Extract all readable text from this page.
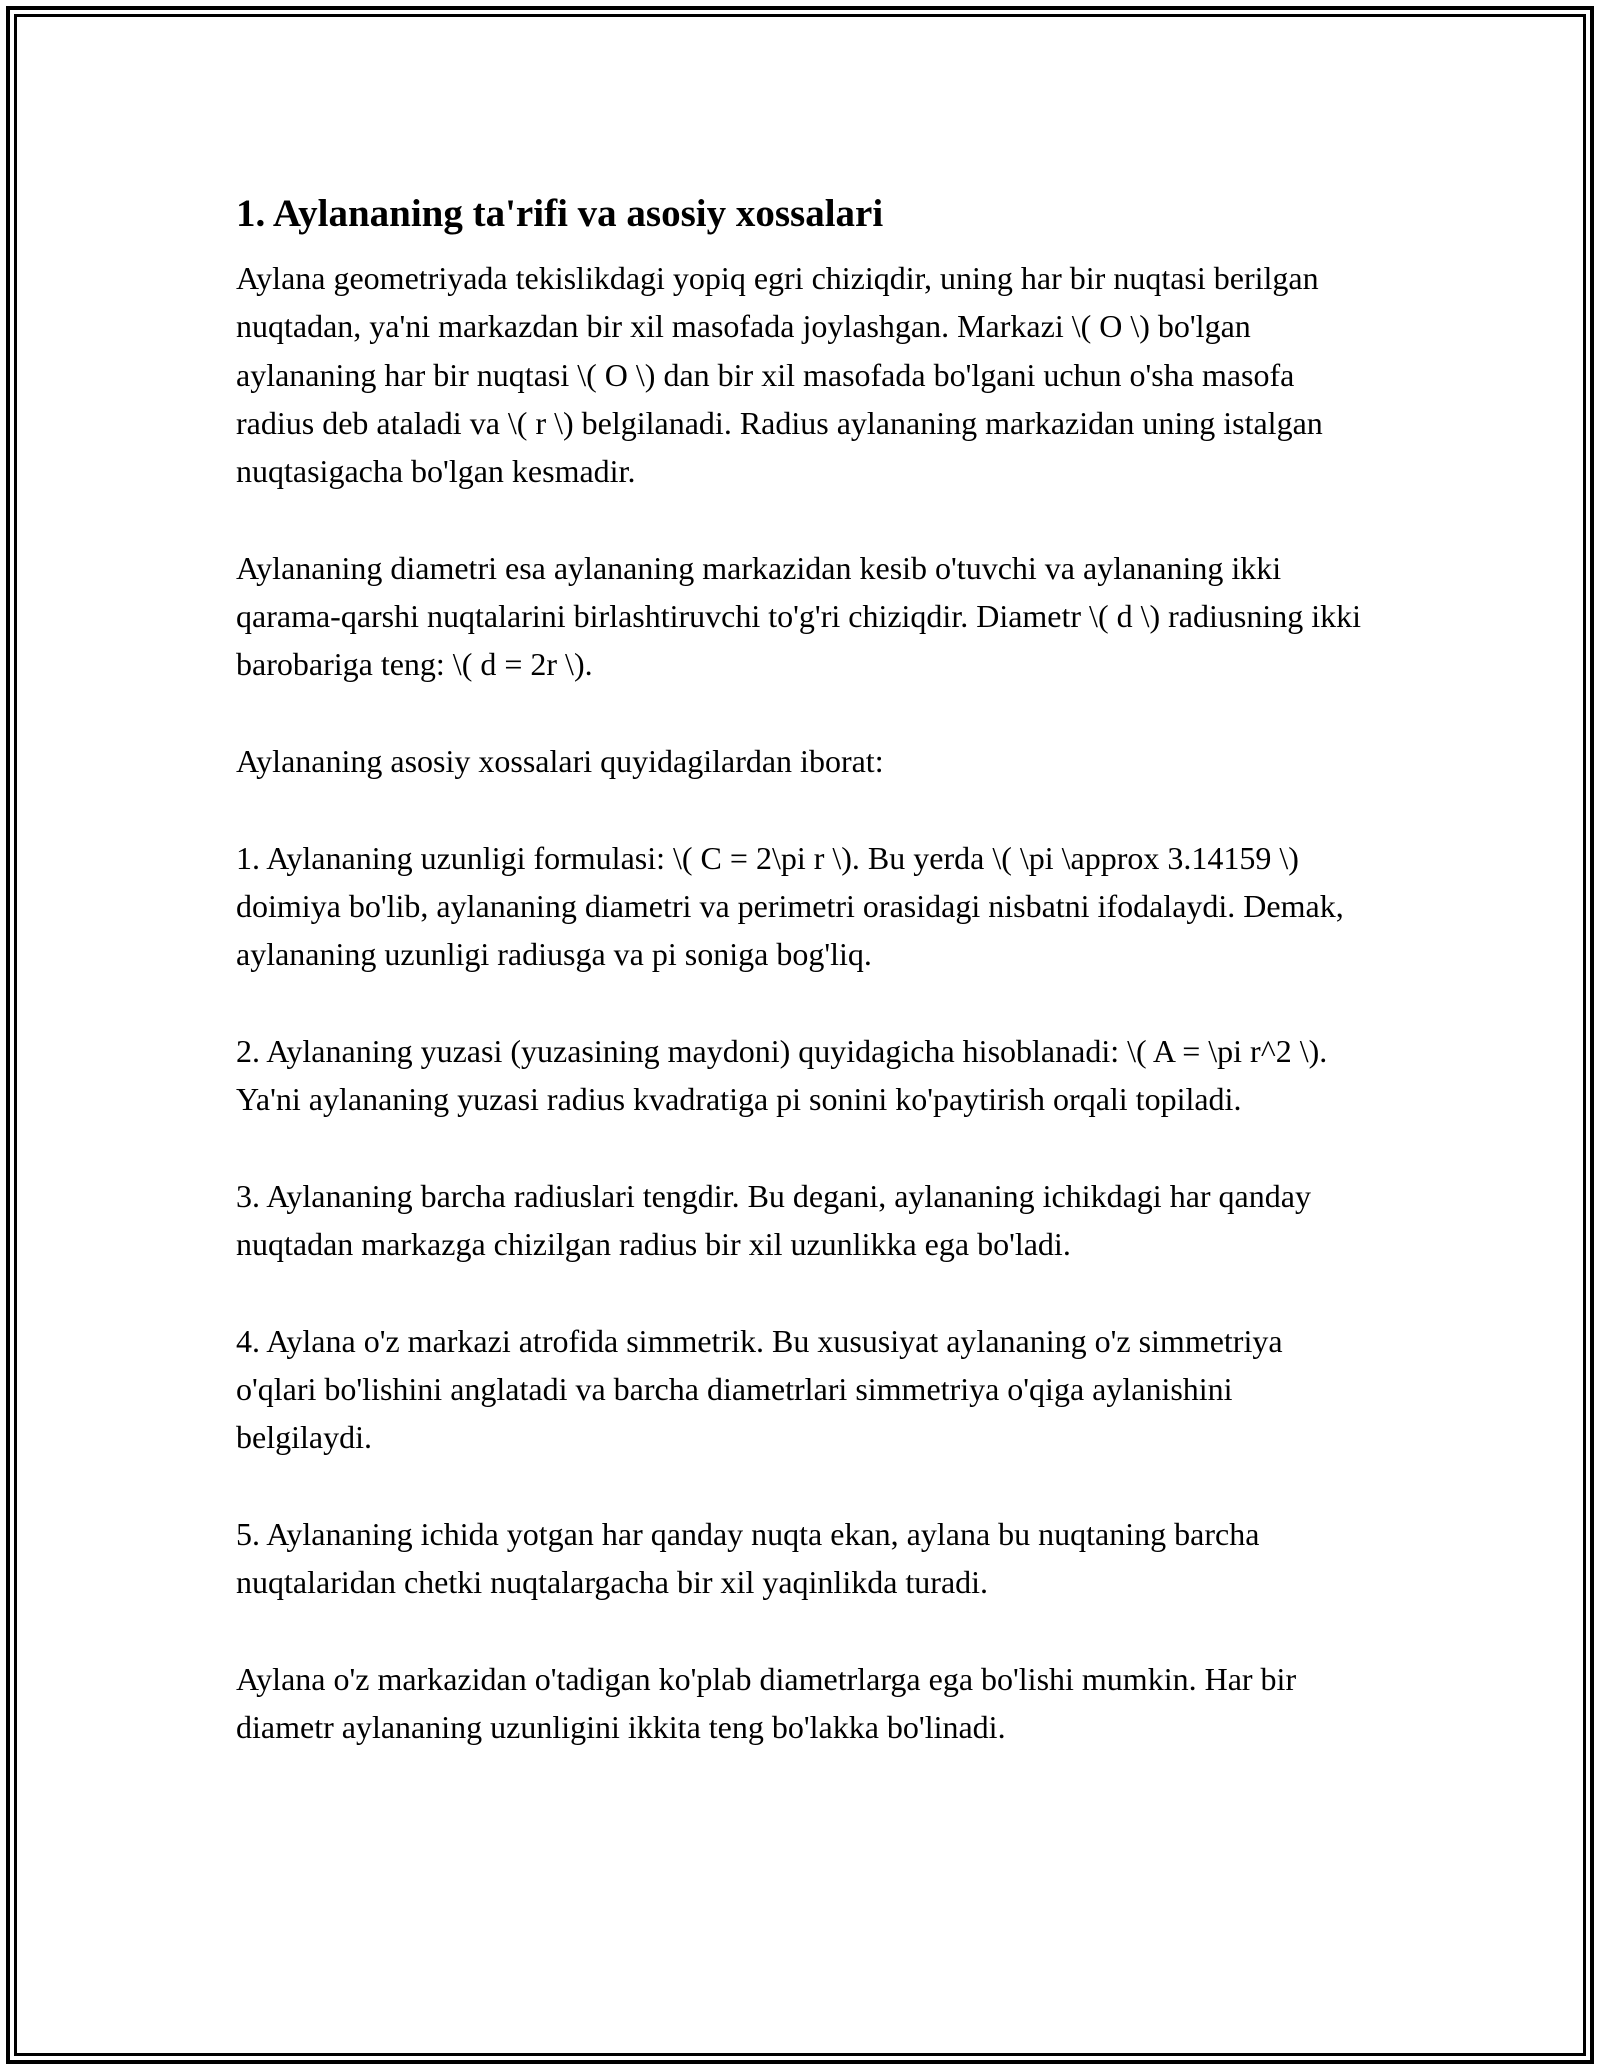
1. Aylananing ta'rifi va asosiy xossalari

Aylana geometriyada tekislikdagi yopiq egri chiziqdir, uning har bir nuqtasi berilgan nuqtadan, ya'ni markazdan bir xil masofada joylashgan. Markazi \( O \) bo'lgan aylananing har bir nuqtasi \( O \) dan bir xil masofada bo'lgani uchun o'sha masofa radius deb ataladi va \( r \) belgilanadi. Radius aylananing markazidan uning istalgan nuqtasigacha bo'lgan kesmadir.

Aylananing diametri esa aylananing markazidan kesib o'tuvchi va aylananing ikki qarama-qarshi nuqtalarini birlashtiruvchi to'g'ri chiziqdir. Diametr \( d \) radiusning ikki barobariga teng: \( d = 2r \).

Aylananing asosiy xossalari quyidagilardan iborat:

1. Aylananing uzunligi formulasi: \( C = 2\pi r \). Bu yerda \( \pi \approx 3.14159 \) doimiya bo'lib, aylananing diametri va perimetri orasidagi nisbatni ifodalaydi. Demak, aylananing uzunligi radiusga va pi soniga bog'liq.

2. Aylananing yuzasi (yuzasining maydoni) quyidagicha hisoblanadi: \( A = \pi r^2 \). Ya'ni aylananing yuzasi radius kvadratiga pi sonini ko'paytirish orqali topiladi.

3. Aylananing barcha radiuslari tengdir. Bu degani, aylananing ichikdagi har qanday nuqtadan markazga chizilgan radius bir xil uzunlikka ega bo'ladi.

4. Aylana o'z markazi atrofida simmetrik. Bu xususiyat aylananing o'z simmetriya o'qlari bo'lishini anglatadi va barcha diametrlari simmetriya o'qiga aylanishini belgilaydi.

5. Aylananing ichida yotgan har qanday nuqta ekan, aylana bu nuqtaning barcha nuqtalaridan chetki nuqtalargacha bir xil yaqinlikda turadi.

Aylana o'z markazidan o'tadigan ko'plab diametrlarga ega bo'lishi mumkin. Har bir diametr aylananing uzunligini ikkita teng bo'lakka bo'linadi.
